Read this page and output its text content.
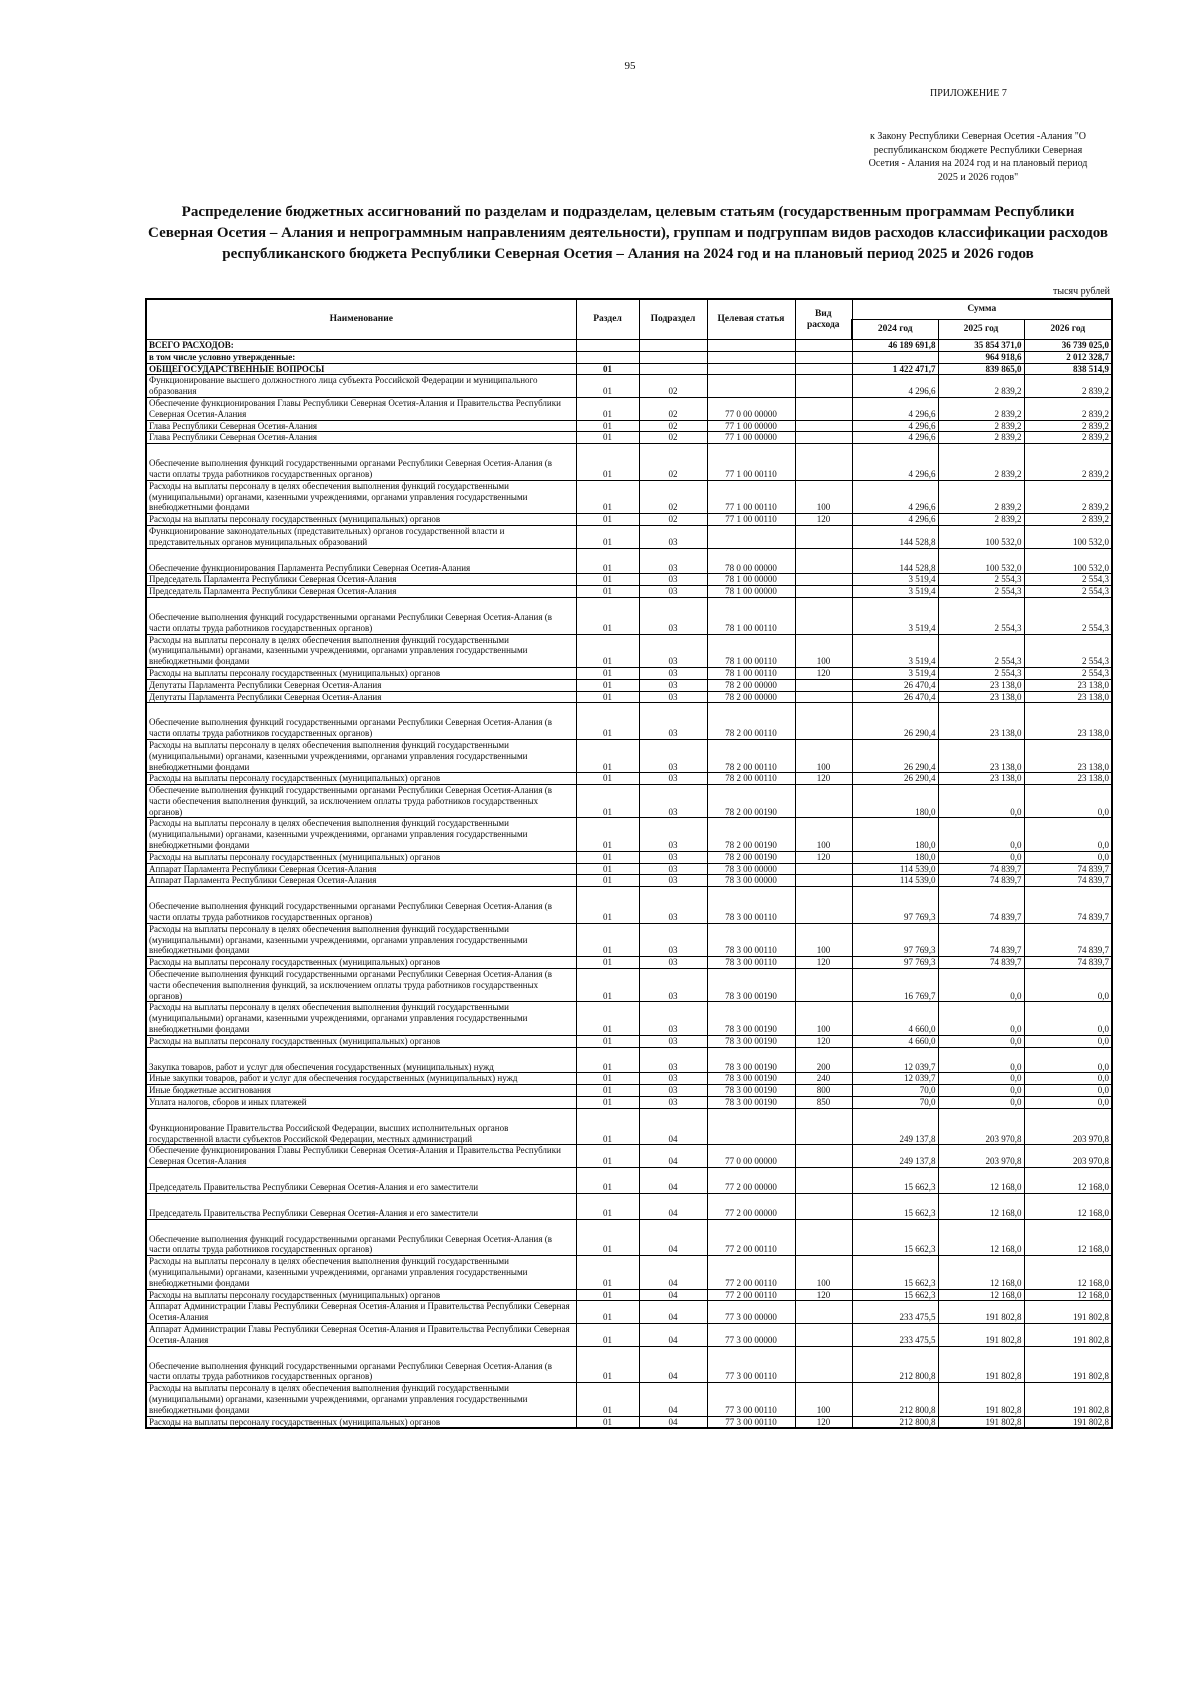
95
ПРИЛОЖЕНИЕ 7
к Закону Республики Северная Осетия -Алания "О республиканском бюджете Республики Северная Осетия - Алания на 2024 год и на плановый период 2025 и 2026 годов"
Распределение бюджетных ассигнований по разделам и подразделам, целевым статьям (государственным программам Республики Северная Осетия – Алания и непрограммным направлениям деятельности), группам и подгруппам видов расходов классификации расходов республиканского бюджета Республики Северная Осетия – Алания на 2024 год и на плановый период 2025 и 2026 годов
тысяч рублей
Наименование	Раздел	Подраздел	Целевая статья	Вид расхода	Сумма		
					2024 год	2025 год	2026 год
ВСЕГО РАСХОДОВ:					46 189 691,8	35 854 371,0	36 739 025,0
в том числе условно утвержденные:						964 918,6	2 012 328,7
ОБЩЕГОСУДАРСТВЕННЫЕ ВОПРОСЫ	01				1 422 471,7	839 865,0	838 514,9
Функционирование высшего должностного лица субъекта Российской Федерации и муниципального образования	01	02			4 296,6	2 839,2	2 839,2
Обеспечение функционирования Главы Республики Северная Осетия-Алания и Правительства Республики Северная Осетия-Алания	01	02	77 0 00 00000		4 296,6	2 839,2	2 839,2
Глава Республики Северная Осетия-Алания	01	02	77 1 00 00000		4 296,6	2 839,2	2 839,2
Глава Республики Северная Осетия-Алания	01	02	77 1 00 00000		4 296,6	2 839,2	2 839,2
Обеспечение выполнения функций государственными органами Республики Северная Осетия-Алания (в части оплаты труда работников государственных органов)	01	02	77 1 00 00110		4 296,6	2 839,2	2 839,2
Расходы на выплаты персоналу в целях обеспечения выполнения функций государственными (муниципальными) органами, казенными учреждениями, органами управления государственными внебюджетными фондами	01	02	77 1 00 00110	100	4 296,6	2 839,2	2 839,2
Расходы на выплаты персоналу государственных (муниципальных) органов	01	02	77 1 00 00110	120	4 296,6	2 839,2	2 839,2
Функционирование законодательных (представительных) органов государственной власти и представительных органов муниципальных образований	01	03			144 528,8	100 532,0	100 532,0
Обеспечение функционирования Парламента Республики Северная Осетия-Алания	01	03	78 0 00 00000		144 528,8	100 532,0	100 532,0
Председатель Парламента Республики Северная Осетия-Алания	01	03	78 1 00 00000		3 519,4	2 554,3	2 554,3
Председатель Парламента Республики Северная Осетия-Алания	01	03	78 1 00 00000		3 519,4	2 554,3	2 554,3
Обеспечение выполнения функций государственными органами Республики Северная Осетия-Алания (в части оплаты труда работников государственных органов)	01	03	78 1 00 00110		3 519,4	2 554,3	2 554,3
Расходы на выплаты персоналу в целях обеспечения выполнения функций государственными (муниципальными) органами, казенными учреждениями, органами управления государственными внебюджетными фондами	01	03	78 1 00 00110	100	3 519,4	2 554,3	2 554,3
Расходы на выплаты персоналу государственных (муниципальных) органов	01	03	78 1 00 00110	120	3 519,4	2 554,3	2 554,3
Депутаты Парламента Республики Северная Осетия-Алания	01	03	78 2 00 00000		26 470,4	23 138,0	23 138,0
Депутаты Парламента Республики Северная Осетия-Алания	01	03	78 2 00 00000		26 470,4	23 138,0	23 138,0
Обеспечение выполнения функций государственными органами Республики Северная Осетия-Алания (в части оплаты труда работников государственных органов)	01	03	78 2 00 00110		26 290,4	23 138,0	23 138,0
Расходы на выплаты персоналу в целях обеспечения выполнения функций государственными (муниципальными) органами, казенными учреждениями, органами управления государственными внебюджетными фондами	01	03	78 2 00 00110	100	26 290,4	23 138,0	23 138,0
Расходы на выплаты персоналу государственных (муниципальных) органов	01	03	78 2 00 00110	120	26 290,4	23 138,0	23 138,0
Обеспечение выполнения функций государственными органами Республики Северная Осетия-Алания (в части обеспечения выполнения функций, за исключением оплаты труда работников государственных органов)	01	03	78 2 00 00190		180,0	0,0	0,0
Расходы на выплаты персоналу в целях обеспечения выполнения функций государственными (муниципальными) органами, казенными учреждениями, органами управления государственными внебюджетными фондами	01	03	78 2 00 00190	100	180,0	0,0	0,0
Расходы на выплаты персоналу государственных (муниципальных) органов	01	03	78 2 00 00190	120	180,0	0,0	0,0
Аппарат Парламента Республики Северная Осетия-Алания	01	03	78 3 00 00000		114 539,0	74 839,7	74 839,7
Аппарат Парламента Республики Северная Осетия-Алания	01	03	78 3 00 00000		114 539,0	74 839,7	74 839,7
Обеспечение выполнения функций государственными органами Республики Северная Осетия-Алания (в части оплаты труда работников государственных органов)	01	03	78 3 00 00110		97 769,3	74 839,7	74 839,7
Расходы на выплаты персоналу в целях обеспечения выполнения функций государственными (муниципальными) органами, казенными учреждениями, органами управления государственными внебюджетными фондами	01	03	78 3 00 00110	100	97 769,3	74 839,7	74 839,7
Расходы на выплаты персоналу государственных (муниципальных) органов	01	03	78 3 00 00110	120	97 769,3	74 839,7	74 839,7
Обеспечение выполнения функций государственными органами Республики Северная Осетия-Алания (в части обеспечения выполнения функций, за исключением оплаты труда работников государственных органов)	01	03	78 3 00 00190		16 769,7	0,0	0,0
Расходы на выплаты персоналу в целях обеспечения выполнения функций государственными (муниципальными) органами, казенными учреждениями, органами управления государственными внебюджетными фондами	01	03	78 3 00 00190	100	4 660,0	0,0	0,0
Расходы на выплаты персоналу государственных (муниципальных) органов	01	03	78 3 00 00190	120	4 660,0	0,0	0,0
Закупка товаров, работ и услуг для обеспечения государственных (муниципальных) нужд	01	03	78 3 00 00190	200	12 039,7	0,0	0,0
Иные закупки товаров, работ и услуг для обеспечения государственных (муниципальных) нужд	01	03	78 3 00 00190	240	12 039,7	0,0	0,0
Иные бюджетные ассигнования	01	03	78 3 00 00190	800	70,0	0,0	0,0
Уплата налогов, сборов и иных платежей	01	03	78 3 00 00190	850	70,0	0,0	0,0
Функционирование Правительства Российской Федерации, высших исполнительных органов государственной власти субъектов Российской Федерации, местных администраций	01	04			249 137,8	203 970,8	203 970,8
Обеспечение функционирования Главы Республики Северная Осетия-Алания и Правительства Республики Северная Осетия-Алания	01	04	77 0 00 00000		249 137,8	203 970,8	203 970,8
Председатель Правительства Республики Северная Осетия-Алания и его заместители	01	04	77 2 00 00000		15 662,3	12 168,0	12 168,0
Председатель Правительства Республики Северная Осетия-Алания и его заместители	01	04	77 2 00 00000		15 662,3	12 168,0	12 168,0
Обеспечение выполнения функций государственными органами Республики Северная Осетия-Алания (в части оплаты труда работников государственных органов)	01	04	77 2 00 00110		15 662,3	12 168,0	12 168,0
Расходы на выплаты персоналу в целях обеспечения выполнения функций государственными (муниципальными) органами, казенными учреждениями, органами управления государственными внебюджетными фондами	01	04	77 2 00 00110	100	15 662,3	12 168,0	12 168,0
Расходы на выплаты персоналу государственных (муниципальных) органов	01	04	77 2 00 00110	120	15 662,3	12 168,0	12 168,0
Аппарат Администрации Главы Республики Северная Осетия-Алания и Правительства Республики Северная Осетия-Алания	01	04	77 3 00 00000		233 475,5	191 802,8	191 802,8
Аппарат Администрации Главы Республики Северная Осетия-Алания и Правительства Республики Северная Осетия-Алания	01	04	77 3 00 00000		233 475,5	191 802,8	191 802,8
Обеспечение выполнения функций государственными органами Республики Северная Осетия-Алания (в части оплаты труда работников государственных органов)	01	04	77 3 00 00110		212 800,8	191 802,8	191 802,8
Расходы на выплаты персоналу в целях обеспечения выполнения функций государственными (муниципальными) органами, казенными учреждениями, органами управления государственными внебюджетными фондами	01	04	77 3 00 00110	100	212 800,8	191 802,8	191 802,8
Расходы на выплаты персоналу государственных (муниципальных) органов	01	04	77 3 00 00110	120	212 800,8	191 802,8	191 802,8
